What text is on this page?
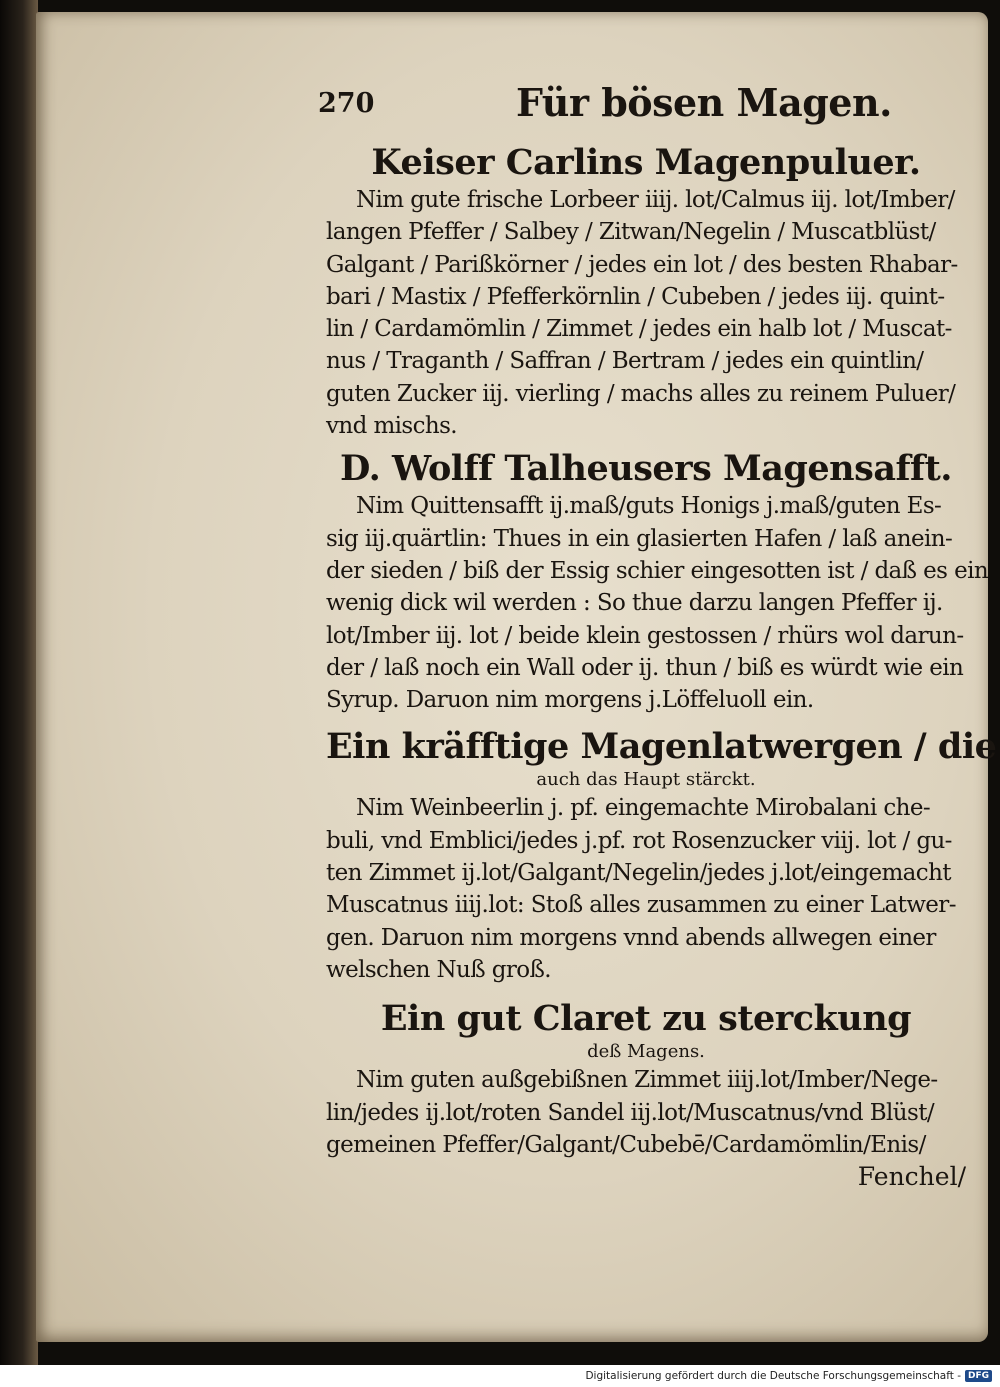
270	Für bösen Magen.
Keiser Carlins Magenpuluer.
Nim gute frische Lorbeer iiij. lot/Calmus iij. lot/Imber/
langen Pfeffer / Salbey / Zitwan/Negelin / Muscatblüst/
Galgant / Parißkörner / jedes ein lot / des besten Rhabar-
bari / Mastix / Pfefferkörnlin / Cubeben / jedes iij. quint-
lin / Cardamömlin / Zimmet / jedes ein halb lot / Muscat-
nus / Traganth / Saffran / Bertram / jedes ein quintlin/
guten Zucker iij. vierling / machs alles zu reinem Puluer/
vnd mischs.
D. Wolff Talheusers Magensafft.
Nim Quittensafft ij.maß/guts Honigs j.maß/guten Es-
sig iij.quärtlin: Thues in ein glasierten Hafen / laß anein-
der sieden / biß der Essig schier eingesotten ist / daß es ein
wenig dick wil werden : So thue darzu langen Pfeffer ij.
lot/Imber iij. lot / beide klein gestossen / rhürs wol darun-
der / laß noch ein Wall oder ij. thun / biß es würdt wie ein
Syrup. Daruon nim morgens j.Löffeluoll ein.
Ein kräfftige Magenlatwergen / die
auch das Haupt stärckt.
Nim Weinbeerlin j. pf. eingemachte Mirobalani che-
buli, vnd Emblici/jedes j.pf. rot Rosenzucker viij. lot / gu-
ten Zimmet ij.lot/Galgant/Negelin/jedes j.lot/eingemacht
Muscatnus iiij.lot: Stoß alles zusammen zu einer Latwer-
gen. Daruon nim morgens vnnd abends allwegen einer
welschen Nuß groß.
Ein gut Claret zu sterckung
deß Magens.
Nim guten außgebißnen Zimmet iiij.lot/Imber/Nege-
lin/jedes ij.lot/roten Sandel iij.lot/Muscatnus/vnd Blüst/
gemeinen Pfeffer/Galgant/Cubebē/Cardamömlin/Enis/
Fenchel/
Digitalisierung gefördert durch die Deutsche Forschungsgemeinschaft - DFG
